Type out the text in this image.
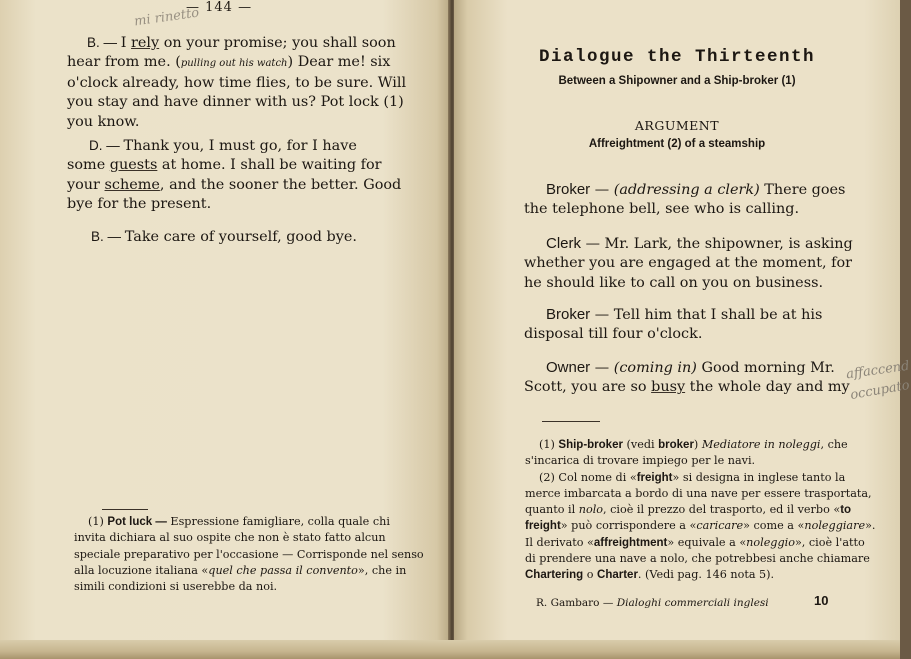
— 144 —
mi rinetto
B. — I rely on your promise; you shall soon
hear from me. (pulling out his watch) Dear me! six
o'clock already, how time flies, to be sure. Will
you stay and have dinner with us? Pot lock (1)
you know.
D. — Thank you, I must go, for I have
some guests at home. I shall be waiting for
your scheme, and the sooner the better. Good
bye for the present.
B. — Take care of yourself, good bye.
(1) Pot luck — Espressione famigliare, colla quale chi
invita dichiara al suo ospite che non è stato fatto alcun
speciale preparativo per l'occasione — Corrisponde nel senso
alla locuzione italiana «quel che passa il convento», che in
simili condizioni si userebbe da noi.
Dialogue the Thirteenth
Between a Shipowner and a Ship-broker (1)
ARGUMENT
Affreightment (2) of a steamship
Broker — (addressing a clerk) There goes
the telephone bell, see who is calling.
Clerk — Mr. Lark, the shipowner, is asking
whether you are engaged at the moment, for
he should like to call on you on business.
Broker — Tell him that I shall be at his
disposal till four o'clock.
Owner — (coming in) Good morning Mr.
Scott, you are so busy the whole day and my
affaccend
occupato
(1) Ship-broker (vedi broker) Mediatore in noleggi, che
s'incarica di trovare impiego per le navi.
(2) Col nome di «freight» si designa in inglese tanto la
merce imbarcata a bordo di una nave per essere trasportata,
quanto il nolo, cioè il prezzo del trasporto, ed il verbo «to
freight» può corrispondere a «caricare» come a «noleggiare».
Il derivato «affreightment» equivale a «noleggio», cioè l'atto
di prendere una nave a nolo, che potrebbesi anche chiamare
Chartering o Charter. (Vedi pag. 146 nota 5).
R. Gambaro — Dialoghi commerciali inglesi	10
